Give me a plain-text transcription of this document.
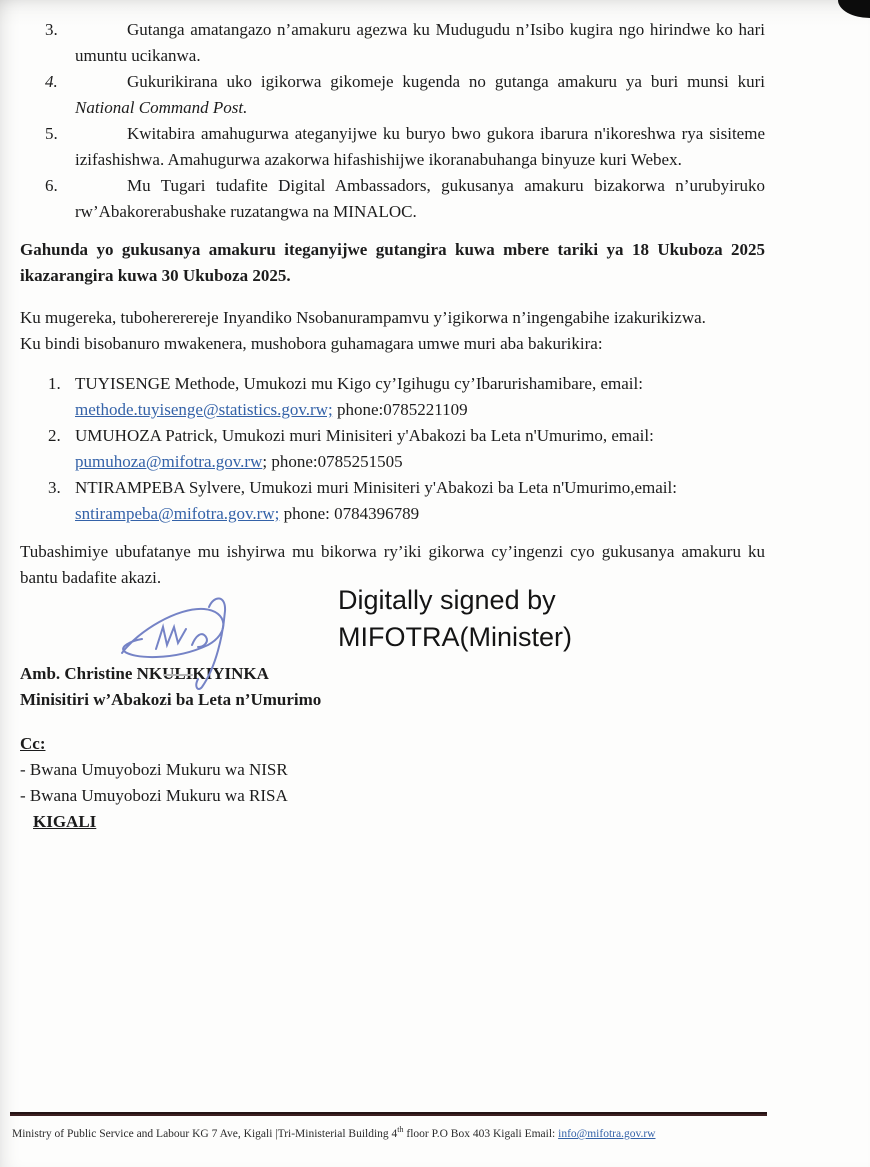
3.	Gutanga amatangazo n’amakuru agezwa ku Mudugudu n’Isibo kugira ngo hirindwe ko hari umuntu ucikanwa.
4.	Gukurikirana uko igikorwa gikomeje kugenda no gutanga amakuru ya buri munsi kuri National Command Post.
5.	Kwitabira amahugurwa ateganyijwe ku buryo bwo gukora ibarura n'ikoreshwa rya sisiteme izifashishwa. Amahugurwa azakorwa hifashishijwe ikoranabuhanga binyuze kuri Webex.
6.	Mu Tugari tudafite Digital Ambassadors, gukusanya amakuru bizakorwa n’urubyiruko rw’Abakorerabushake ruzatangwa na MINALOC.
Gahunda yo gukusanya amakuru iteganyijwe gutangira kuwa mbere tariki ya 18 Ukuboza 2025 ikazarangira kuwa 30 Ukuboza 2025.
Ku mugereka, tubohererereje Inyandiko Nsobanurampamvu y’igikorwa n’ingengabihe izakurikizwa.
Ku bindi bisobanuro mwakenera, mushobora guhamagara umwe muri aba bakurikira:
1. TUYISENGE Methode, Umukozi mu Kigo cy’Igihugu cy’Ibarurishamibare, email:
methode.tuyisenge@statistics.gov.rw; phone:0785221109
2. UMUHOZA Patrick, Umukozi muri Minisiteri y'Abakozi ba Leta n'Umurimo, email:
pumuhoza@mifotra.gov.rw; phone:0785251505
3. NTIRAMPEBA Sylvere, Umukozi muri Minisiteri y'Abakozi ba Leta n'Umurimo,email:
sntirampeba@mifotra.gov.rw; phone: 0784396789
Tubashimiye ubufatanye mu ishyirwa mu bikorwa ry’iki gikorwa cy’ingenzi cyo gukusanya amakuru ku bantu badafite akazi.
Digitally signed by
MIFOTRA(Minister)
Amb. Christine NKULIKIYINKA
Minisitiri w’Abakozi ba Leta n’Umurimo
Cc:
- Bwana Umuyobozi Mukuru wa NISR
- Bwana Umuyobozi Mukuru wa RISA
KIGALI
Ministry of Public Service and Labour KG 7 Ave, Kigali |Tri-Ministerial Building 4th floor P.O Box 403 Kigali Email: info@mifotra.gov.rw
